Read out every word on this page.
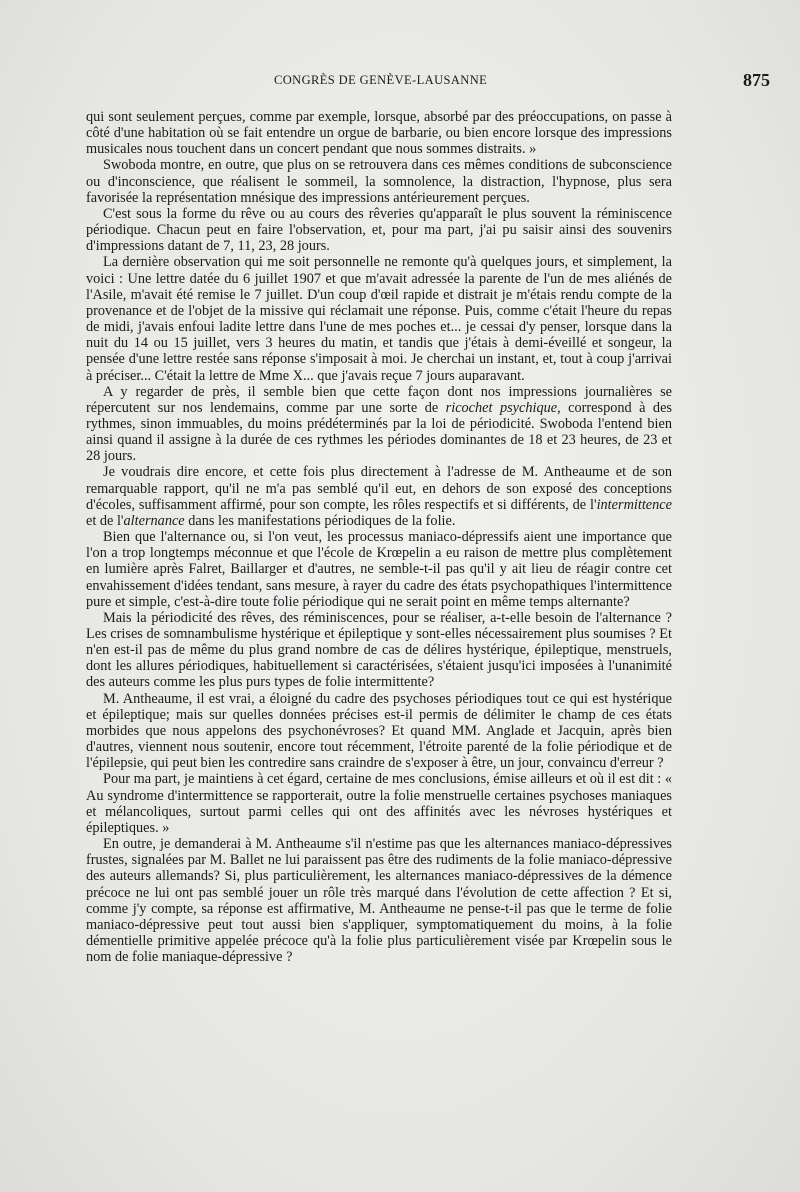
CONGRÈS DE GENÈVE-LAUSANNE	875

qui sont seulement perçues, comme par exemple, lorsque, absorbé par des préoccupations, on passe à côté d'une habitation où se fait entendre un orgue de barbarie, ou bien encore lorsque des impressions musicales nous touchent dans un concert pendant que nous sommes distraits. »

Swoboda montre, en outre, que plus on se retrouvera dans ces mêmes conditions de subconscience ou d'inconscience, que réalisent le sommeil, la somnolence, la distraction, l'hypnose, plus sera favorisée la représentation mnésique des impressions antérieurement perçues.

C'est sous la forme du rêve ou au cours des rêveries qu'apparaît le plus souvent la réminiscence périodique. Chacun peut en faire l'observation, et, pour ma part, j'ai pu saisir ainsi des souvenirs d'impressions datant de 7, 11, 23, 28 jours.

La dernière observation qui me soit personnelle ne remonte qu'à quelques jours, et simplement, la voici : Une lettre datée du 6 juillet 1907 et que m'avait adressée la parente de l'un de mes aliénés de l'Asile, m'avait été remise le 7 juillet. D'un coup d'œil rapide et distrait je m'étais rendu compte de la provenance et de l'objet de la missive qui réclamait une réponse. Puis, comme c'était l'heure du repas de midi, j'avais enfoui ladite lettre dans l'une de mes poches et... je cessai d'y penser, lorsque dans la nuit du 14 ou 15 juillet, vers 3 heures du matin, et tandis que j'étais à demi-éveillé et songeur, la pensée d'une lettre restée sans réponse s'imposait à moi. Je cherchai un instant, et, tout à coup j'arrivai à préciser... C'était la lettre de Mme X... que j'avais reçue 7 jours auparavant.

A y regarder de près, il semble bien que cette façon dont nos impressions journalières se répercutent sur nos lendemains, comme par une sorte de ricochet psychique, correspond à des rythmes, sinon immuables, du moins prédéterminés par la loi de périodicité. Swoboda l'entend bien ainsi quand il assigne à la durée de ces rythmes les périodes dominantes de 18 et 23 heures, de 23 et 28 jours.

Je voudrais dire encore, et cette fois plus directement à l'adresse de M. Antheaume et de son remarquable rapport, qu'il ne m'a pas semblé qu'il eut, en dehors de son exposé des conceptions d'écoles, suffisamment affirmé, pour son compte, les rôles respectifs et si différents, de l'intermittence et de l'alternance dans les manifestations périodiques de la folie.

Bien que l'alternance ou, si l'on veut, les processus maniaco-dépressifs aient une importance que l'on a trop longtemps méconnue et que l'école de Krœpelin a eu raison de mettre plus complètement en lumière après Falret, Baillarger et d'autres, ne semble-t-il pas qu'il y ait lieu de réagir contre cet envahissement d'idées tendant, sans mesure, à rayer du cadre des états psychopathiques l'intermittence pure et simple, c'est-à-dire toute folie périodique qui ne serait point en même temps alternante?

Mais la périodicité des rêves, des réminiscences, pour se réaliser, a-t-elle besoin de l'alternance ? Les crises de somnambulisme hystérique et épileptique y sont-elles nécessairement plus soumises ? Et n'en est-il pas de même du plus grand nombre de cas de délires hystérique, épileptique, menstruels, dont les allures périodiques, habituellement si caractérisées, s'étaient jusqu'ici imposées à l'unanimité des auteurs comme les plus purs types de folie intermittente?

M. Antheaume, il est vrai, a éloigné du cadre des psychoses périodiques tout ce qui est hystérique et épileptique; mais sur quelles données précises est-il permis de délimiter le champ de ces états morbides que nous appelons des psychonévroses? Et quand MM. Anglade et Jacquin, après bien d'autres, viennent nous soutenir, encore tout récemment, l'étroite parenté de la folie périodique et de l'épilepsie, qui peut bien les contredire sans craindre de s'exposer à être, un jour, convaincu d'erreur ?

Pour ma part, je maintiens à cet égard, certaine de mes conclusions, émise ailleurs et où il est dit : « Au syndrome d'intermittence se rapporterait, outre la folie menstruelle certaines psychoses maniaques et mélancoliques, surtout parmi celles qui ont des affinités avec les névroses hystériques et épileptiques. »

En outre, je demanderai à M. Antheaume s'il n'estime pas que les alternances maniaco-dépressives frustes, signalées par M. Ballet ne lui paraissent pas être des rudiments de la folie maniaco-dépressive des auteurs allemands? Si, plus particulièrement, les alternances maniaco-dépressives de la démence précoce ne lui ont pas semblé jouer un rôle très marqué dans l'évolution de cette affection ? Et si, comme j'y compte, sa réponse est affirmative, M. Antheaume ne pense-t-il pas que le terme de folie maniaco-dépressive peut tout aussi bien s'appliquer, symptomatiquement du moins, à la folie démentielle primitive appelée précoce qu'à la folie plus particulièrement visée par Krœpelin sous le nom de folie maniaque-dépressive ?
